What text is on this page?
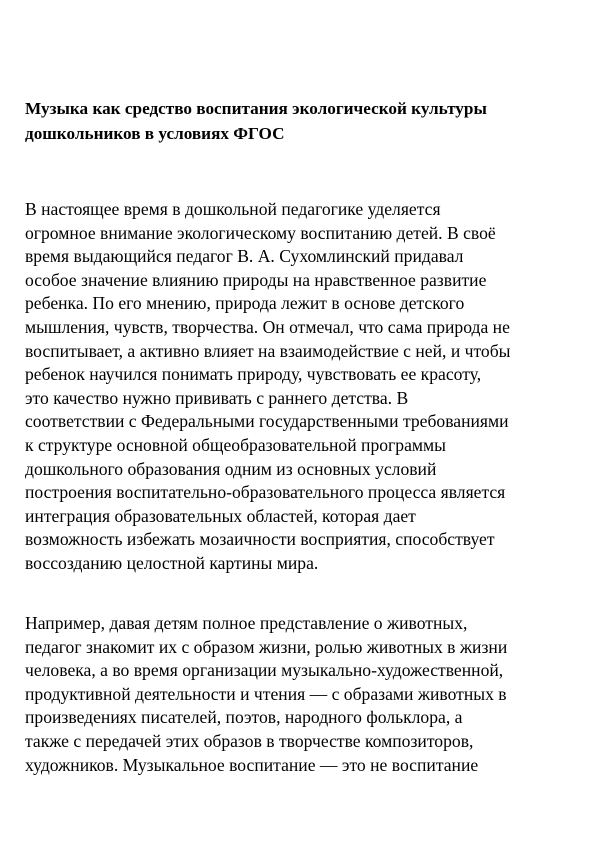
Музыка как средство воспитания экологической культуры
дошкольников в условиях ФГОС

В настоящее время в дошкольной педагогике уделяется
огромное внимание экологическому воспитанию детей. В своё
время выдающийся педагог В. А. Сухомлинский придавал
особое значение влиянию природы на нравственное развитие
ребенка. По его мнению, природа лежит в основе детского
мышления, чувств, творчества. Он отмечал, что сама природа не
воспитывает, а активно влияет на взаимодействие с ней, и чтобы
ребенок научился понимать природу, чувствовать ее красоту,
это качество нужно прививать с раннего детства. В
соответствии с Федеральными государственными требованиями
к структуре основной общеобразовательной программы
дошкольного образования одним из основных условий
построения воспитательно-образовательного процесса является
интеграция образовательных областей, которая дает
возможность избежать мозаичности восприятия, способствует
воссозданию целостной картины мира.

Например, давая детям полное представление о животных,
педагог знакомит их с образом жизни, ролью животных в жизни
человека, а во время организации музыкально-художественной,
продуктивной деятельности и чтения — с образами животных в
произведениях писателей, поэтов, народного фольклора, а
также с передачей этих образов в творчестве композиторов,
художников. Музыкальное воспитание — это не воспитание
